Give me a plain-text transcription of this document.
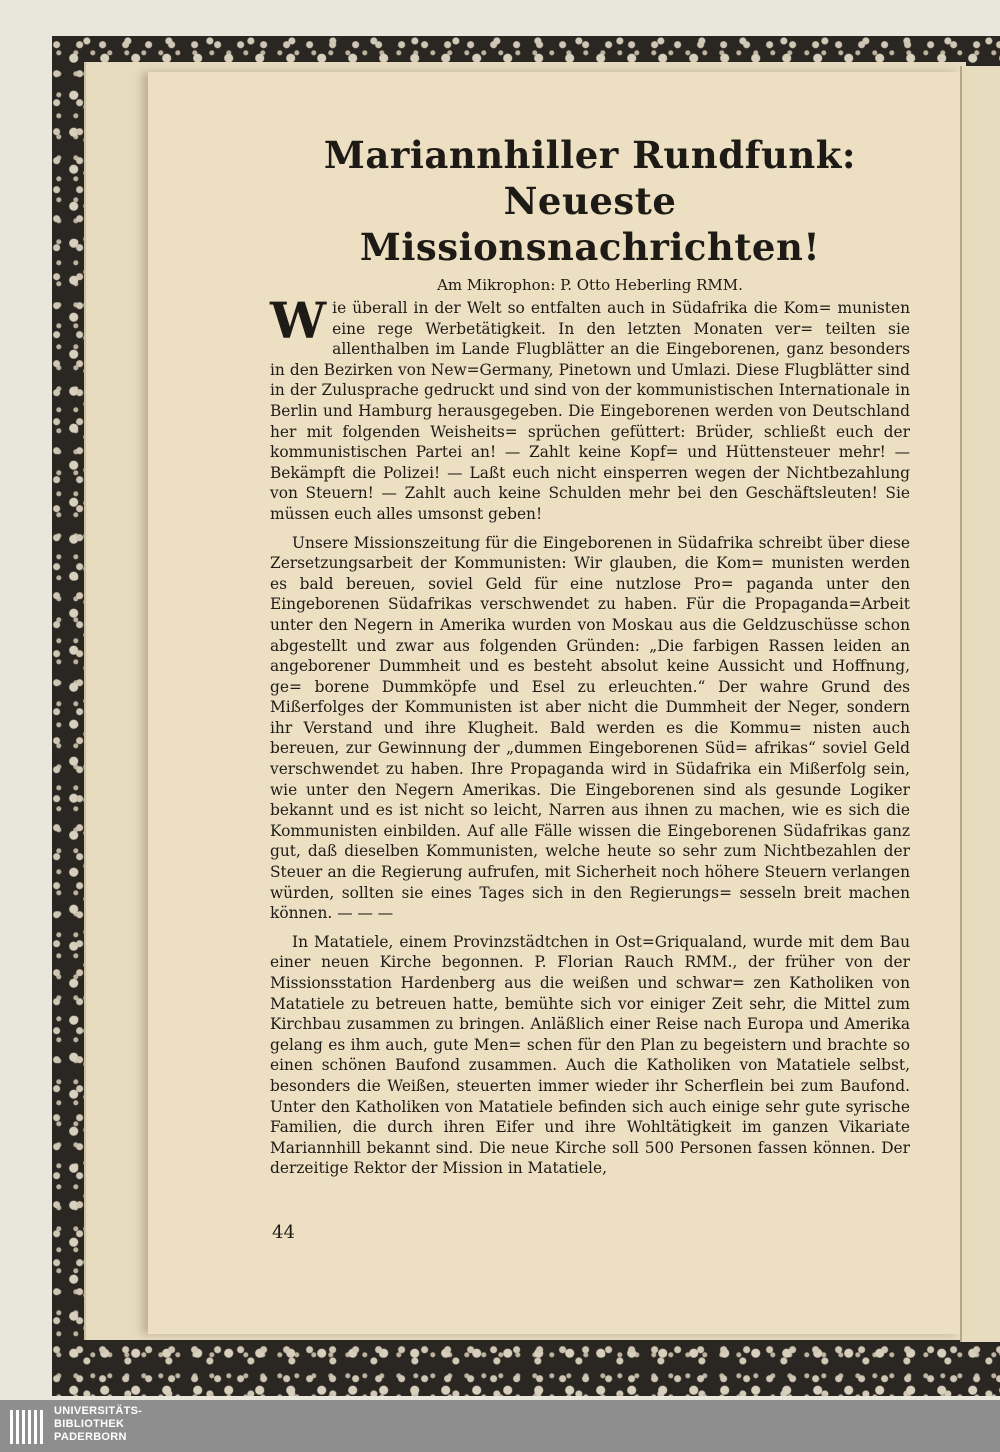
Mariannhiller Rundfunk: Neueste Missionsnachrichten!
Am Mikrophon: P. Otto Heberling RMM.

Wie überall in der Welt so entfalten auch in Südafrika die Kom= munisten eine rege Werbetätigkeit. In den letzten Monaten ver= teilten sie allenthalben im Lande Flugblätter an die Eingeborenen, ganz besonders in den Bezirken von New=Germany, Pinetown und Umlazi. Diese Flugblätter sind in der Zulusprache gedruckt und sind von der kommunistischen Internationale in Berlin und Hamburg herausgegeben. Die Eingeborenen werden von Deutschland her mit folgenden Weisheits= sprüchen gefüttert: Brüder, schließt euch der kommunistischen Partei an! — Zahlt keine Kopf= und Hüttensteuer mehr! — Bekämpft die Polizei! — Laßt euch nicht einsperren wegen der Nichtbezahlung von Steuern! — Zahlt auch keine Schulden mehr bei den Geschäftsleuten! Sie müssen euch alles umsonst geben!

Unsere Missionszeitung für die Eingeborenen in Südafrika schreibt über diese Zersetzungsarbeit der Kommunisten: Wir glauben, die Kom= munisten werden es bald bereuen, soviel Geld für eine nutzlose Pro= paganda unter den Eingeborenen Südafrikas verschwendet zu haben. Für die Propaganda=Arbeit unter den Negern in Amerika wurden von Moskau aus die Geldzuschüsse schon abgestellt und zwar aus folgenden Gründen: „Die farbigen Rassen leiden an angeborener Dummheit und es besteht absolut keine Aussicht und Hoffnung, ge= borene Dummköpfe und Esel zu erleuchten.“ Der wahre Grund des Mißerfolges der Kommunisten ist aber nicht die Dummheit der Neger, sondern ihr Verstand und ihre Klugheit. Bald werden es die Kommu= nisten auch bereuen, zur Gewinnung der „dummen Eingeborenen Süd= afrikas“ soviel Geld verschwendet zu haben. Ihre Propaganda wird in Südafrika ein Mißerfolg sein, wie unter den Negern Amerikas. Die Eingeborenen sind als gesunde Logiker bekannt und es ist nicht so leicht, Narren aus ihnen zu machen, wie es sich die Kommunisten einbilden. Auf alle Fälle wissen die Eingeborenen Südafrikas ganz gut, daß dieselben Kommunisten, welche heute so sehr zum Nichtbezahlen der Steuer an die Regierung aufrufen, mit Sicherheit noch höhere Steuern verlangen würden, sollten sie eines Tages sich in den Regierungs= sesseln breit machen können. — — —

In Matatiele, einem Provinzstädtchen in Ost=Griqualand, wurde mit dem Bau einer neuen Kirche begonnen. P. Florian Rauch RMM., der früher von der Missionsstation Hardenberg aus die weißen und schwar= zen Katholiken von Matatiele zu betreuen hatte, bemühte sich vor einiger Zeit sehr, die Mittel zum Kirchbau zusammen zu bringen. Anläßlich einer Reise nach Europa und Amerika gelang es ihm auch, gute Men= schen für den Plan zu begeistern und brachte so einen schönen Baufond zusammen. Auch die Katholiken von Matatiele selbst, besonders die Weißen, steuerten immer wieder ihr Scherflein bei zum Baufond. Unter den Katholiken von Matatiele befinden sich auch einige sehr gute syrische Familien, die durch ihren Eifer und ihre Wohltätigkeit im ganzen Vikariate Mariannhill bekannt sind. Die neue Kirche soll 500 Personen fassen können. Der derzeitige Rektor der Mission in Matatiele,

44
UNIVERSITÄTS-
BIBLIOTHEK
PADERBORN
